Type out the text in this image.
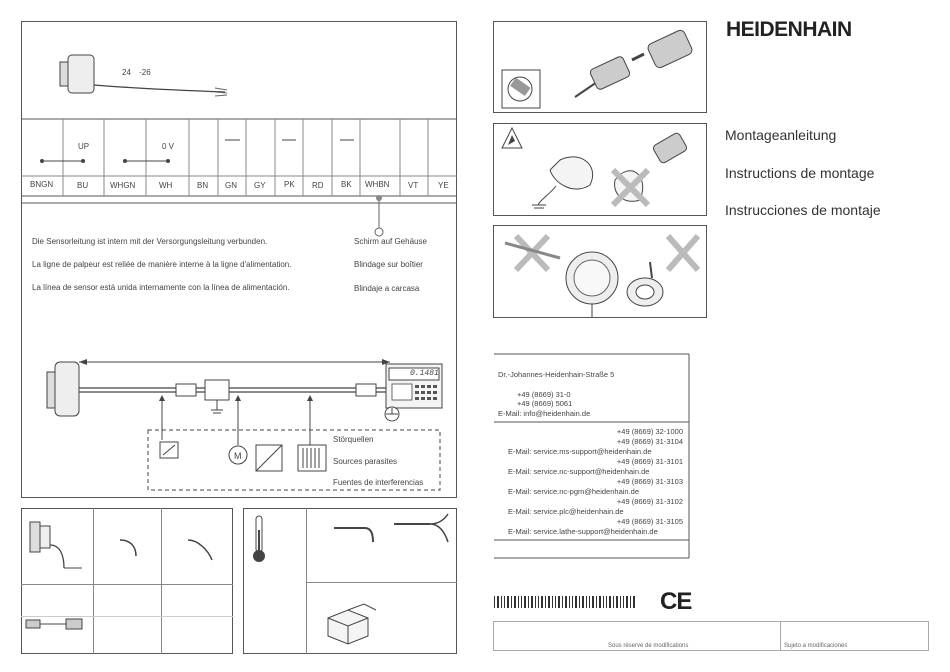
M
24 -26
UP	0 V
BNGN	BU	WHGN	WH	BN GN GY PK RD BK WHBN VT YE
Die Sensorleitung ist intern mit der Versorgungsleitung verbunden.
La ligne de palpeur est reliée de manière interne à la ligne d'alimentation.
La línea de sensor está unida internamente con la línea de alimentación.
Schirm auf Gehäuse
Blindage sur boîtier
Blindaje a carcasa
0.1481
Störquellen
Sources parasites
Fuentes de interferencias
HEIDENHAIN
Montageanleitung
Instructions de montage
Instrucciones de montaje
Dr.-Johannes-Heidenhain-Straße 5
+49 (8669) 31-0
+49 (8669) 5061
E-Mail: info@heidenhain.de
+49 (8669) 32-1000
+49 (8669) 31-3104
E-Mail: service.ms-support@heidenhain.de
+49 (8669) 31-3101
E-Mail: service.nc-support@heidenhain.de
+49 (8669) 31-3103
E-Mail: service.nc-pgm@heidenhain.de
+49 (8669) 31-3102
E-Mail: service.plc@heidenhain.de
+49 (8669) 31-3105
E-Mail: service.lathe-support@heidenhain.de
CE
Sous réserve de modifications	Sujeto a modificaciones
